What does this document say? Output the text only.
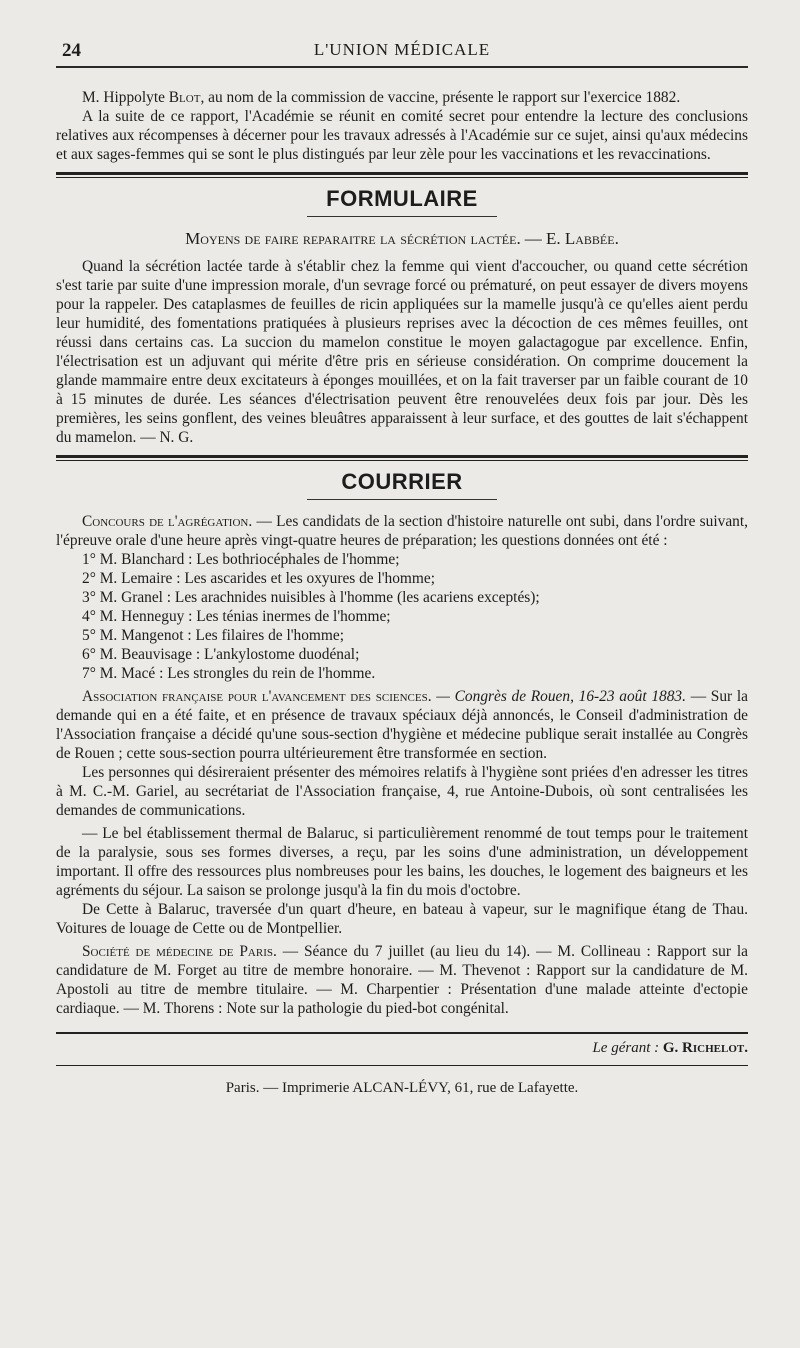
24	L'UNION MÉDICALE

M. Hippolyte Blot, au nom de la commission de vaccine, présente le rapport sur l'exercice 1882.

A la suite de ce rapport, l'Académie se réunit en comité secret pour entendre la lecture des conclusions relatives aux récompenses à décerner pour les travaux adressés à l'Académie sur ce sujet, ainsi qu'aux médecins et aux sages-femmes qui se sont le plus distingués par leur zèle pour les vaccinations et les revaccinations.

FORMULAIRE
Moyens de faire reparaitre la sécrétion lactée. — E. Labbée.

Quand la sécrétion lactée tarde à s'établir chez la femme qui vient d'accoucher, ou quand cette sécrétion s'est tarie par suite d'une impression morale, d'un sevrage forcé ou prématuré, on peut essayer de divers moyens pour la rappeler. Des cataplasmes de feuilles de ricin appliquées sur la mamelle jusqu'à ce qu'elles aient perdu leur humidité, des fomentations pratiquées à plusieurs reprises avec la décoction de ces mêmes feuilles, ont réussi dans certains cas. La succion du mamelon constitue le moyen galactagogue par excellence. Enfin, l'électrisation est un adjuvant qui mérite d'être pris en sérieuse considération. On comprime doucement la glande mammaire entre deux excitateurs à éponges mouillées, et on la fait traverser par un faible courant de 10 à 15 minutes de durée. Les séances d'électrisation peuvent être renouvelées deux fois par jour. Dès les premières, les seins gonflent, des veines bleuâtres apparaissent à leur surface, et des gouttes de lait s'échappent du mamelon. — N. G.

COURRIER

Concours de l'agrégation. — Les candidats de la section d'histoire naturelle ont subi, dans l'ordre suivant, l'épreuve orale d'une heure après vingt-quatre heures de préparation; les questions données ont été :

1° M. Blanchard : Les bothriocéphales de l'homme;
2° M. Lemaire : Les ascarides et les oxyures de l'homme;
3° M. Granel : Les arachnides nuisibles à l'homme (les acariens exceptés);
4° M. Henneguy : Les ténias inermes de l'homme;
5° M. Mangenot : Les filaires de l'homme;
6° M. Beauvisage : L'ankylostome duodénal;
7° M. Macé : Les strongles du rein de l'homme.

Association française pour l'avancement des sciences. — Congrès de Rouen, 16-23 août 1883. — Sur la demande qui en a été faite, et en présence de travaux spéciaux déjà annoncés, le Conseil d'administration de l'Association française a décidé qu'une sous-section d'hygiène et médecine publique serait installée au Congrès de Rouen ; cette sous-section pourra ultérieurement être transformée en section.

Les personnes qui désireraient présenter des mémoires relatifs à l'hygiène sont priées d'en adresser les titres à M. C.-M. Gariel, au secrétariat de l'Association française, 4, rue Antoine-Dubois, où sont centralisées les demandes de communications.

— Le bel établissement thermal de Balaruc, si particulièrement renommé de tout temps pour le traitement de la paralysie, sous ses formes diverses, a reçu, par les soins d'une administration, un développement important. Il offre des ressources plus nombreuses pour les bains, les douches, le logement des baigneurs et les agréments du séjour. La saison se prolonge jusqu'à la fin du mois d'octobre.

De Cette à Balaruc, traversée d'un quart d'heure, en bateau à vapeur, sur le magnifique étang de Thau. Voitures de louage de Cette ou de Montpellier.

Société de médecine de Paris. — Séance du 7 juillet (au lieu du 14). — M. Collineau : Rapport sur la candidature de M. Forget au titre de membre honoraire. — M. Thevenot : Rapport sur la candidature de M. Apostoli au titre de membre titulaire. — M. Charpentier : Présentation d'une malade atteinte d'ectopie cardiaque. — M. Thorens : Note sur la pathologie du pied-bot congénital.

Le gérant : G. Richelot.
Paris. — Imprimerie ALCAN-LÉVY, 61, rue de Lafayette.
